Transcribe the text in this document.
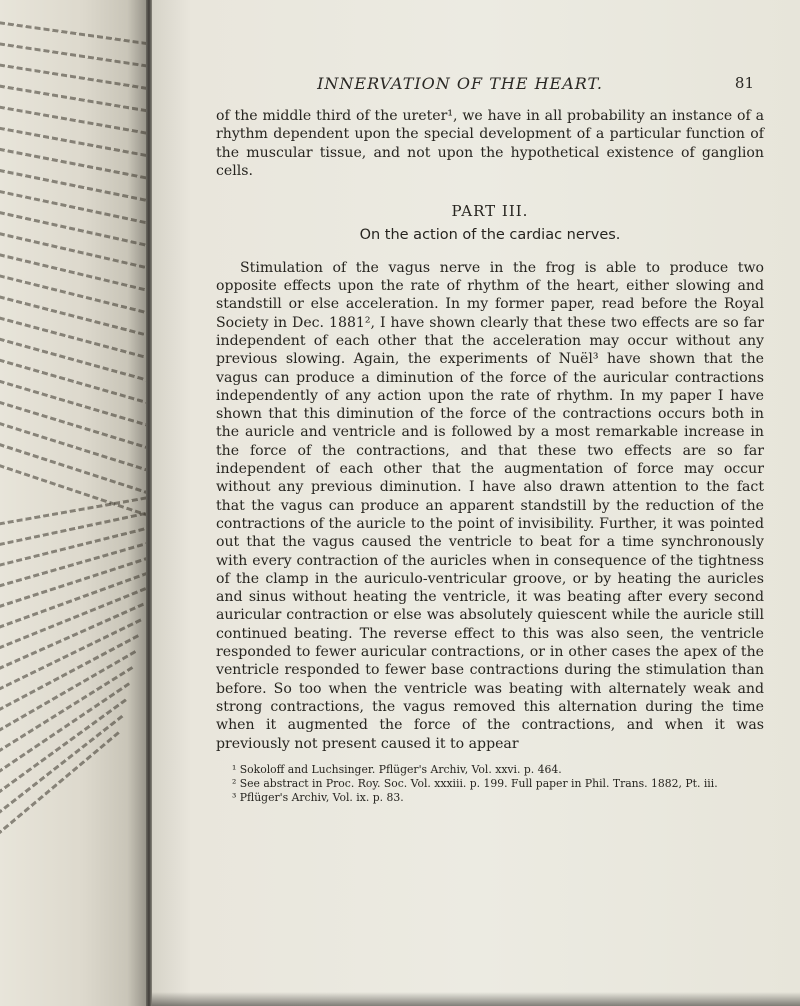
INNERVATION OF THE HEART.	81

of the middle third of the ureter¹, we have in all probability an instance of a rhythm dependent upon the special development of a particular function of the muscular tissue, and not upon the hypothetical existence of ganglion cells.

PART III.
On the action of the cardiac nerves.

Stimulation of the vagus nerve in the frog is able to produce two opposite effects upon the rate of rhythm of the heart, either slowing and standstill or else acceleration. In my former paper, read before the Royal Society in Dec. 1881², I have shown clearly that these two effects are so far independent of each other that the acceleration may occur without any previous slowing. Again, the experiments of Nuël³ have shown that the vagus can produce a diminution of the force of the auricular contractions independently of any action upon the rate of rhythm. In my paper I have shown that this diminution of the force of the contractions occurs both in the auricle and ventricle and is followed by a most remarkable increase in the force of the contractions, and that these two effects are so far independent of each other that the augmentation of force may occur without any previous diminution. I have also drawn attention to the fact that the vagus can produce an apparent standstill by the reduction of the contractions of the auricle to the point of invisibility. Further, it was pointed out that the vagus caused the ventricle to beat for a time synchronously with every contraction of the auricles when in consequence of the tightness of the clamp in the auriculo-ventricular groove, or by heating the auricles and sinus without heating the ventricle, it was beating after every second auricular contraction or else was absolutely quiescent while the auricle still continued beating. The reverse effect to this was also seen, the ventricle responded to fewer auricular contractions, or in other cases the apex of the ventricle responded to fewer base contractions during the stimulation than before. So too when the ventricle was beating with alternately weak and strong contractions, the vagus removed this alternation during the time when it augmented the force of the contractions, and when it was previously not present caused it to appear

¹ Sokoloff and Luchsinger. Pflüger's Archiv, Vol. xxvi. p. 464.
² See abstract in Proc. Roy. Soc. Vol. xxxiii. p. 199. Full paper in Phil. Trans. 1882, Pt. iii.
³ Pflüger's Archiv, Vol. ix. p. 83.
